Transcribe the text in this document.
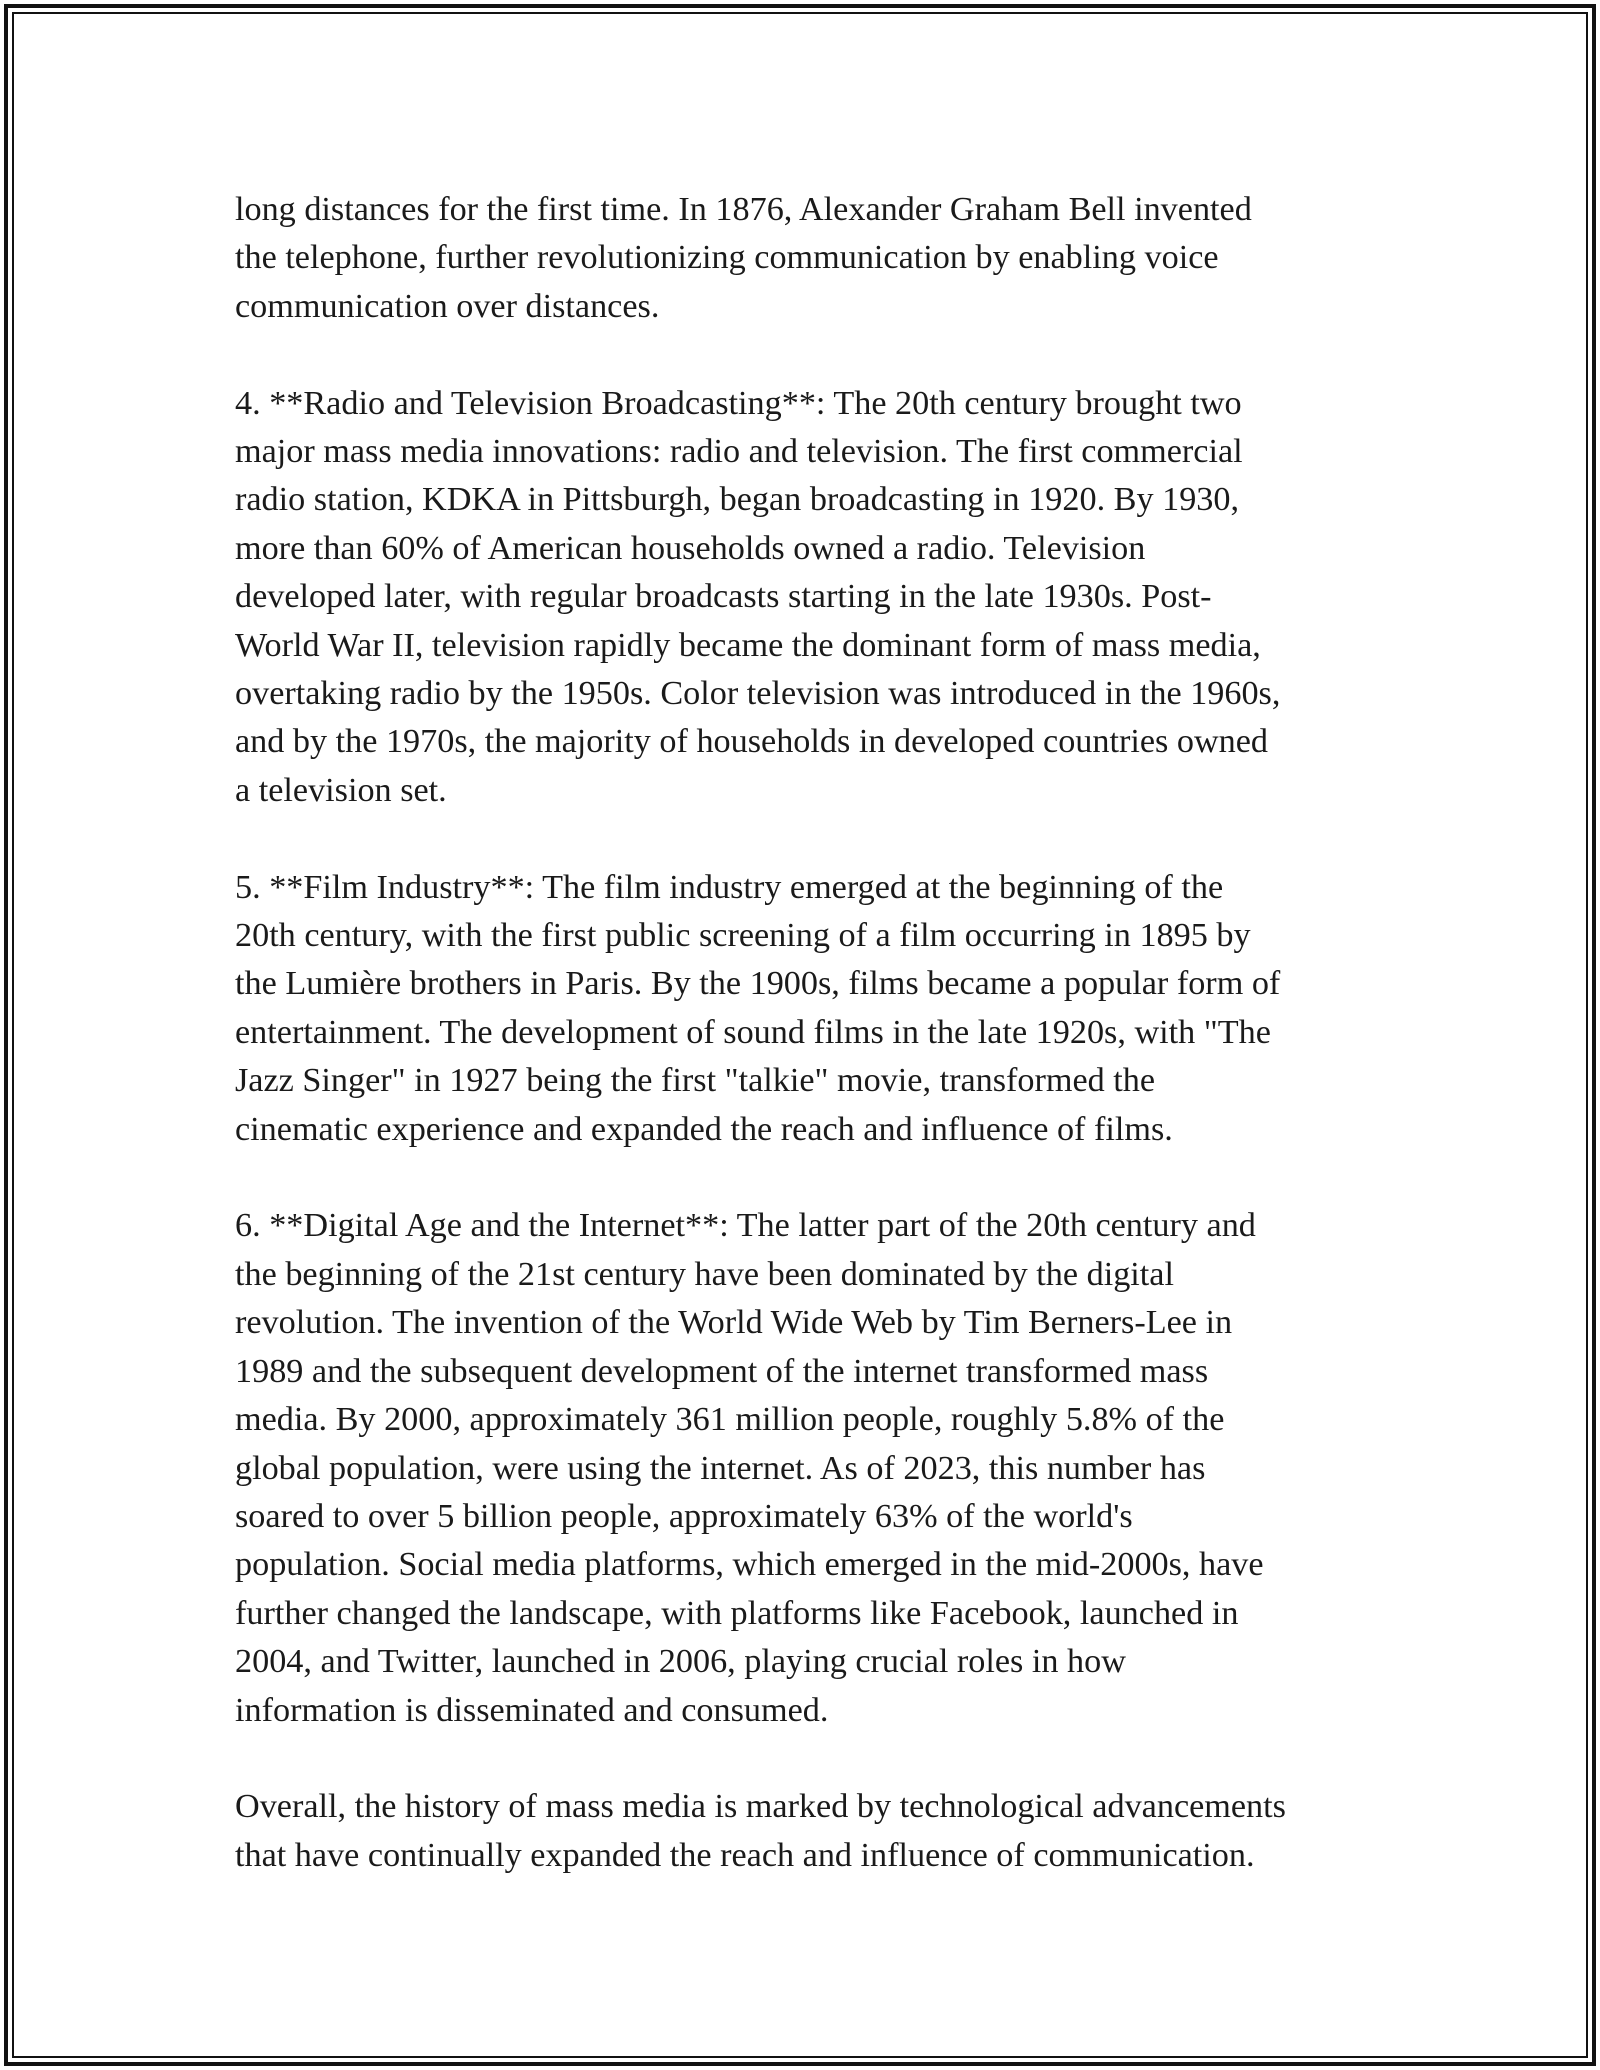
long distances for the first time. In 1876, Alexander Graham Bell invented
the telephone, further revolutionizing communication by enabling voice
communication over distances.

4. **Radio and Television Broadcasting**: The 20th century brought two
major mass media innovations: radio and television. The first commercial
radio station, KDKA in Pittsburgh, began broadcasting in 1920. By 1930,
more than 60% of American households owned a radio. Television
developed later, with regular broadcasts starting in the late 1930s. Post-
World War II, television rapidly became the dominant form of mass media,
overtaking radio by the 1950s. Color television was introduced in the 1960s,
and by the 1970s, the majority of households in developed countries owned
a television set.

5. **Film Industry**: The film industry emerged at the beginning of the
20th century, with the first public screening of a film occurring in 1895 by
the Lumière brothers in Paris. By the 1900s, films became a popular form of
entertainment. The development of sound films in the late 1920s, with "The
Jazz Singer" in 1927 being the first "talkie" movie, transformed the
cinematic experience and expanded the reach and influence of films.

6. **Digital Age and the Internet**: The latter part of the 20th century and
the beginning of the 21st century have been dominated by the digital
revolution. The invention of the World Wide Web by Tim Berners-Lee in
1989 and the subsequent development of the internet transformed mass
media. By 2000, approximately 361 million people, roughly 5.8% of the
global population, were using the internet. As of 2023, this number has
soared to over 5 billion people, approximately 63% of the world's
population. Social media platforms, which emerged in the mid-2000s, have
further changed the landscape, with platforms like Facebook, launched in
2004, and Twitter, launched in 2006, playing crucial roles in how
information is disseminated and consumed.

Overall, the history of mass media is marked by technological advancements
that have continually expanded the reach and influence of communication.
